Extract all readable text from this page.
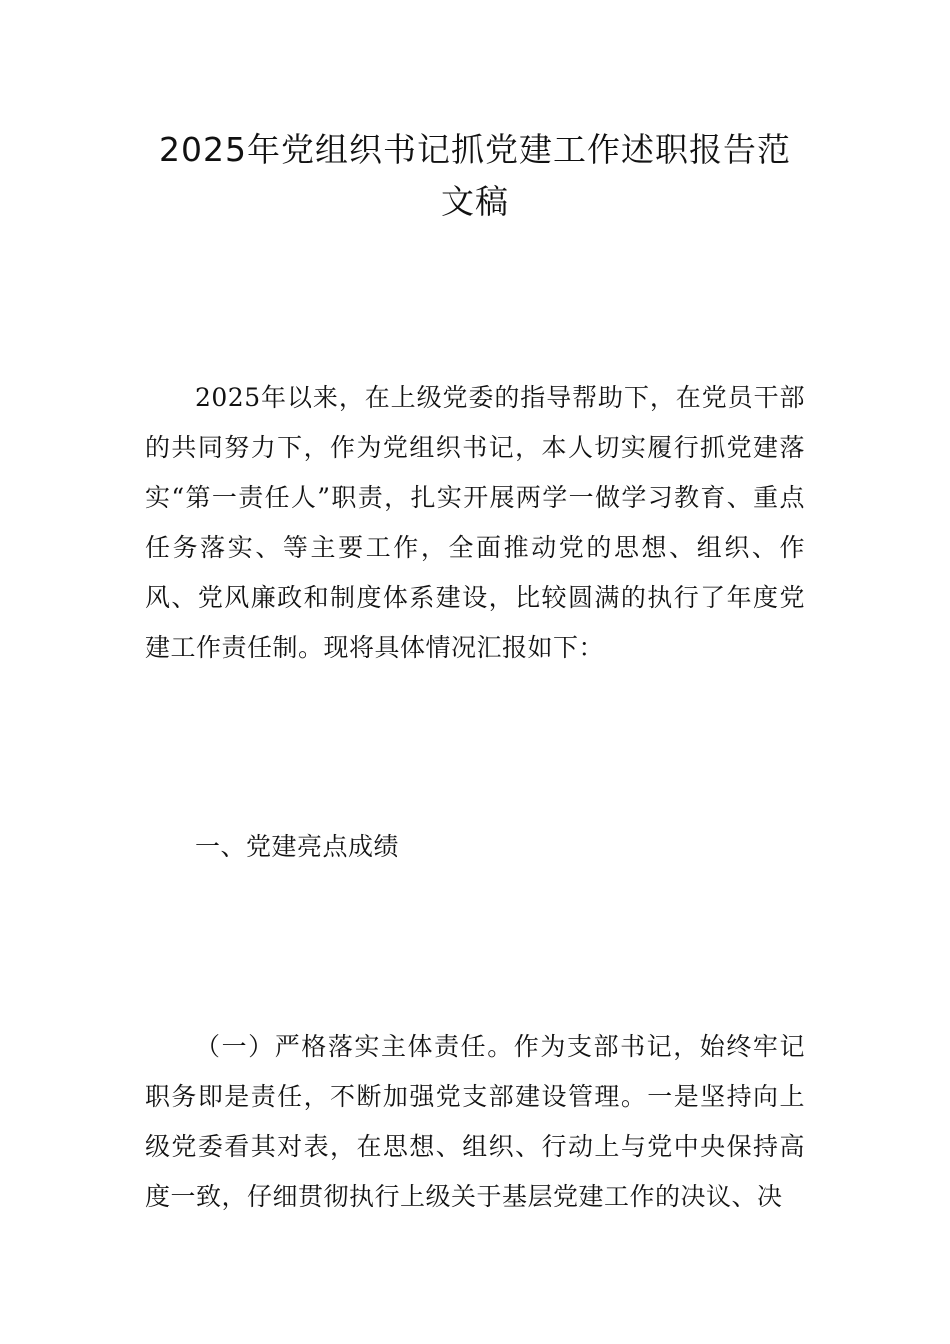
2025年党组织书记抓党建工作述职报告范
文稿

2025年以来，在上级党委的指导帮助下，在党员干部的共同努力下，作为党组织书记，本人切实履行抓党建落实“第一责任人”职责，扎实开展两学一做学习教育、重点任务落实、等主要工作，全面推动党的思想、组织、作风、党风廉政和制度体系建设，比较圆满的执行了年度党建工作责任制。现将具体情况汇报如下：

一、党建亮点成绩

（一）严格落实主体责任。作为支部书记，始终牢记职务即是责任，不断加强党支部建设管理。一是坚持向上级党委看其对表，在思想、组织、行动上与党中央保持高度一致，仔细贯彻执行上级关于基层党建工作的决议、决
